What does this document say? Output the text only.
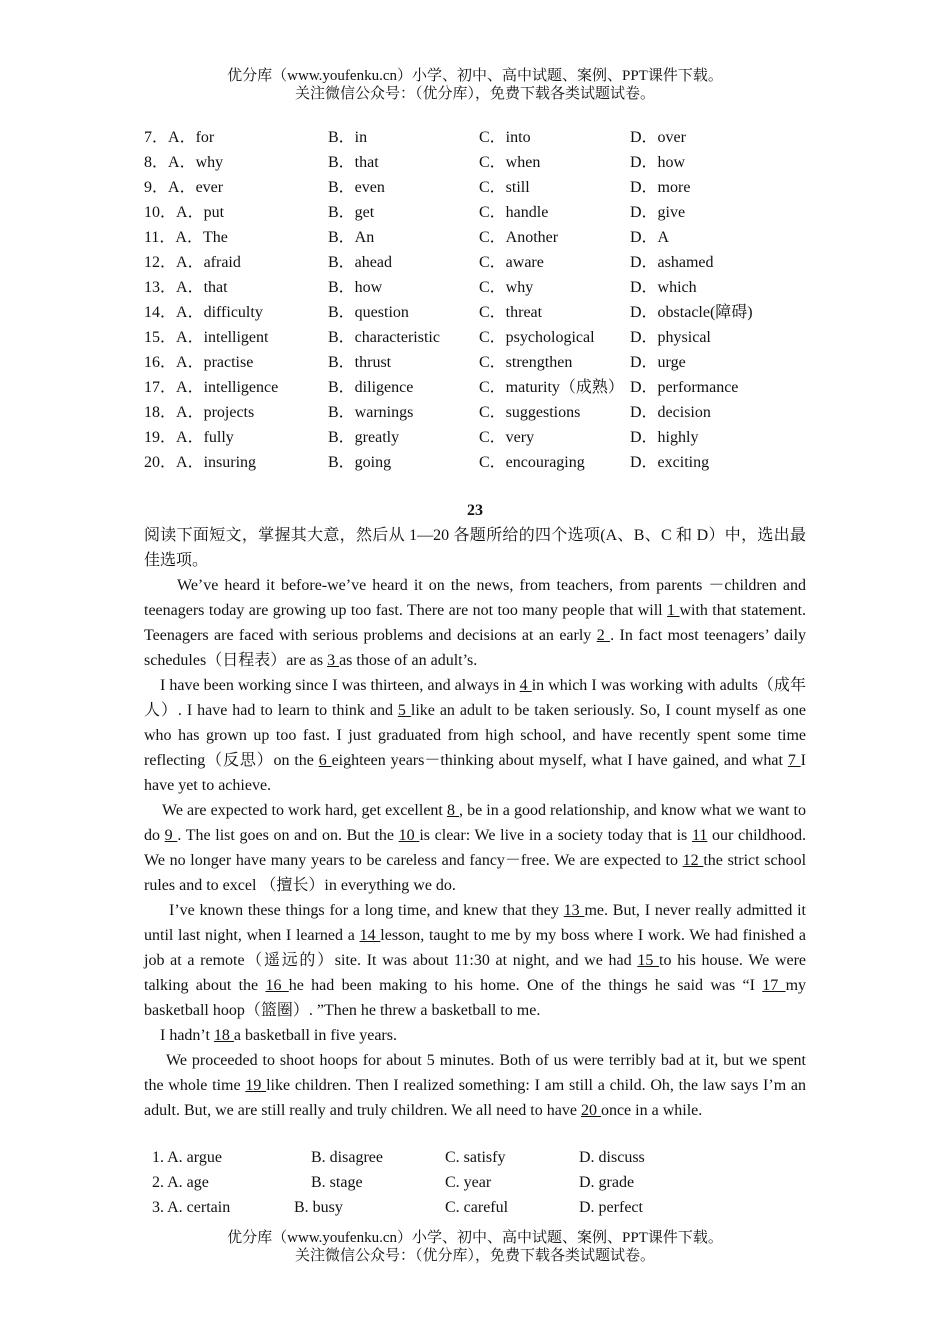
优分库（www.youfenku.cn）小学、初中、高中试题、案例、PPT课件下载。
关注微信公众号：（优分库），免费下载各类试题试卷。
7．A．for	B．in	C．into	D．over
8．A．why	B．that	C．when	D．how
9．A．ever	B．even	C．still	D．more
10．A．put	B．get	C．handle	D．give
11．A．The	B．An	C．Another	D．A
12．A．afraid	B．ahead	C．aware	D．ashamed
13．A．that	B．how	C．why	D．which
14．A．difficulty	B．question	C．threat	D．obstacle(障碍)
15．A．intelligent	B．characteristic C．psychological D．physical
16．A．practise	B．thrust	C．strengthen	D．urge
17．A．intelligence	B．diligence	C．maturity（成熟） D．performance
18．A．projects	B．warnings	C．suggestions	D．decision
19．A．fully	B．greatly	C．very	D．highly
20．A．insuring	B．going	C．encouraging	D．exciting
23

阅读下面短文，掌握其大意，然后从 1—20 各题所给的四个选项(A、B、C 和 D）中，选出最佳选项。

We’ve heard it before-we’ve heard it on the news, from teachers, from parents －children and teenagers today are growing up too fast. There are not too many people that will 1 with that statement. Teenagers are faced with serious problems and decisions at an early 2 . In fact most teenagers’ daily schedules（日程表）are as 3 as those of an adult’s.

I have been working since I was thirteen, and always in 4 in which I was working with adults（成年人）. I have had to learn to think and 5 like an adult to be taken seriously. So, I count myself as one who has grown up too fast. I just graduated from high school, and have recently spent some time reflecting（反思）on the 6 eighteen years－thinking about myself, what I have gained, and what 7 I have yet to achieve.

We are expected to work hard, get excellent 8 , be in a good relationship, and know what we want to do 9 . The list goes on and on. But the 10 is clear: We live in a society today that is 11 our childhood. We no longer have many years to be careless and fancy－free. We are expected to 12 the strict school rules and to excel （擅长）in everything we do.

I’ve known these things for a long time, and knew that they 13 me. But, I never really admitted it until last night, when I learned a 14 lesson, taught to me by my boss where I work. We had finished a job at a remote（遥远的）site. It was about 11:30 at night, and we had 15 to his house. We were talking about the 16 he had been making to his home. One of the things he said was “I 17 my basketball hoop（篮圈）. ”Then he threw a basketball to me.

I hadn’t 18 a basketball in five years.

We proceeded to shoot hoops for about 5 minutes. Both of us were terribly bad at it, but we spent the whole time 19 like children. Then I realized something: I am still a child. Oh, the law says I’m an adult. But, we are still really and truly children. We all need to have 20 once in a while.

1. A. argue	B. disagree	C. satisfy	D. discuss
2. A. age	B. stage	C. year	D. grade
3. A. certain	B. busy	C. careful	D. perfect
优分库（www.youfenku.cn）小学、初中、高中试题、案例、PPT课件下载。
关注微信公众号：（优分库），免费下载各类试题试卷。
